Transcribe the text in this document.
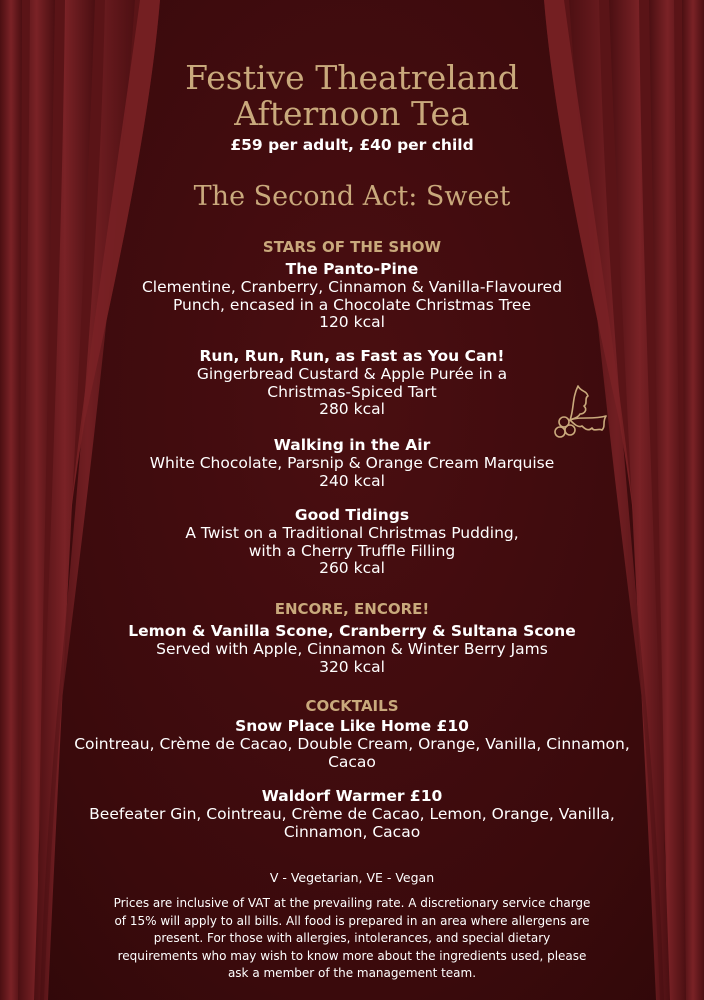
Festive Theatreland
Afternoon Tea
£59 per adult, £40 per child
The Second Act: Sweet
STARS OF THE SHOW
The Panto-Pine
Clementine, Cranberry, Cinnamon & Vanilla-Flavoured
Punch, encased in a Chocolate Christmas Tree
120 kcal
Run, Run, Run, as Fast as You Can!
Gingerbread Custard & Apple Purée in a
Christmas-Spiced Tart
280 kcal
Walking in the Air
White Chocolate, Parsnip & Orange Cream Marquise
240 kcal
Good Tidings
A Twist on a Traditional Christmas Pudding,
with a Cherry Truffle Filling
260 kcal
ENCORE, ENCORE!
Lemon & Vanilla Scone, Cranberry & Sultana Scone
Served with Apple, Cinnamon & Winter Berry Jams
320 kcal
COCKTAILS
Snow Place Like Home £10
Cointreau, Crème de Cacao, Double Cream, Orange, Vanilla, Cinnamon,
Cacao
Waldorf Warmer £10
Beefeater Gin, Cointreau, Crème de Cacao, Lemon, Orange, Vanilla,
Cinnamon, Cacao
V - Vegetarian, VE - Vegan
Prices are inclusive of VAT at the prevailing rate. A discretionary service charge
of 15% will apply to all bills. All food is prepared in an area where allergens are
present. For those with allergies, intolerances, and special dietary
requirements who may wish to know more about the ingredients used, please
ask a member of the management team.
